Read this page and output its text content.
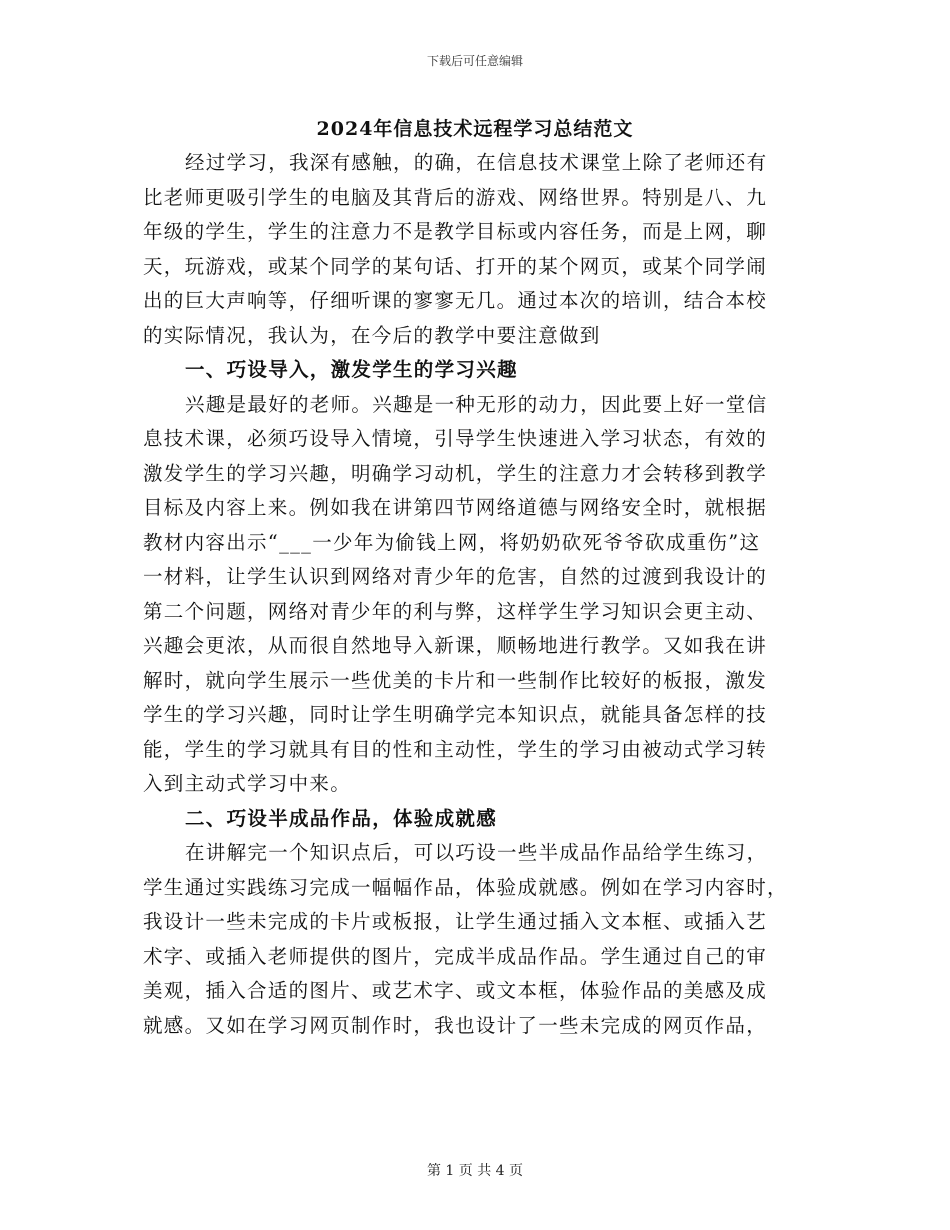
下载后可任意编辑
2024年信息技术远程学习总结范文
经过学习，我深有感触，的确，在信息技术课堂上除了老师还有
比老师更吸引学生的电脑及其背后的游戏、网络世界。特别是八、九
年级的学生，学生的注意力不是教学目标或内容任务，而是上网，聊
天，玩游戏，或某个同学的某句话、打开的某个网页，或某个同学闹
出的巨大声响等，仔细听课的寥寥无几。通过本次的培训，结合本校
的实际情况，我认为，在今后的教学中要注意做到
一、巧设导入，激发学生的学习兴趣
兴趣是最好的老师。兴趣是一种无形的动力，因此要上好一堂信
息技术课，必须巧设导入情境，引导学生快速进入学习状态，有效的
激发学生的学习兴趣，明确学习动机，学生的注意力才会转移到教学
目标及内容上来。例如我在讲第四节网络道德与网络安全时，就根据
教材内容出示“___一少年为偷钱上网，将奶奶砍死爷爷砍成重伤”这
一材料，让学生认识到网络对青少年的危害，自然的过渡到我设计的
第二个问题，网络对青少年的利与弊，这样学生学习知识会更主动、
兴趣会更浓，从而很自然地导入新课，顺畅地进行教学。又如我在讲
解时，就向学生展示一些优美的卡片和一些制作比较好的板报，激发
学生的学习兴趣，同时让学生明确学完本知识点，就能具备怎样的技
能，学生的学习就具有目的性和主动性，学生的学习由被动式学习转
入到主动式学习中来。
二、巧设半成品作品，体验成就感
在讲解完一个知识点后，可以巧设一些半成品作品给学生练习，
学生通过实践练习完成一幅幅作品，体验成就感。例如在学习内容时，
我设计一些未完成的卡片或板报，让学生通过插入文本框、或插入艺
术字、或插入老师提供的图片，完成半成品作品。学生通过自己的审
美观，插入合适的图片、或艺术字、或文本框，体验作品的美感及成
就感。又如在学习网页制作时，我也设计了一些未完成的网页作品，
第 1 页 共 4 页
